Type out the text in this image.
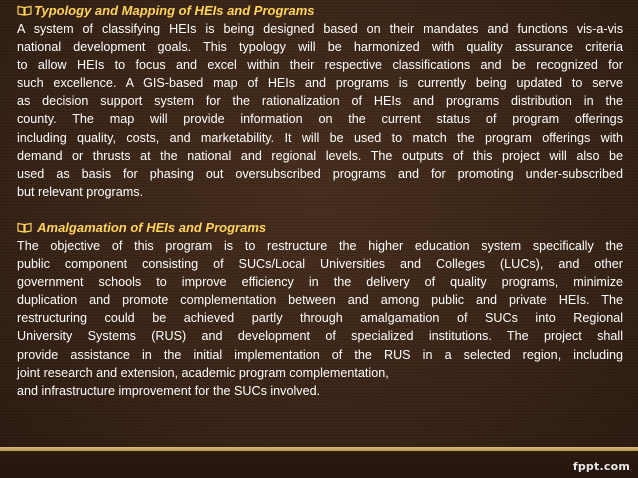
Typology and Mapping of HEIs and Programs

A system of classifying HEIs is being designed based on their mandates and functions vis-a-vis
national development goals. This typology will be harmonized with quality assurance criteria
to allow HEIs to focus and excel within their respective classifications and be recognized for
such excellence. A GIS-based map of HEIs and programs is currently being updated to serve
as decision support system for the rationalization of HEIs and programs distribution in the
county. The map will provide information on the current status of program offerings
including quality, costs, and marketability. It will be used to match the program offerings with
demand or thrusts at the national and regional levels. The outputs of this project will also be
used as basis for phasing out oversubscribed programs and for promoting under-subscribed
but relevant programs.

Amalgamation of HEIs and Programs

The objective of this program is to restructure the higher education system specifically the
public component consisting of SUCs/Local Universities and Colleges (LUCs), and other
government schools to improve efficiency in the delivery of quality programs, minimize
duplication and promote complementation between and among public and private HEIs. The
restructuring could be achieved partly through amalgamation of SUCs into Regional
University Systems (RUS) and development of specialized institutions. The project shall
provide assistance in the initial implementation of the RUS in a selected region, including
joint research and extension, academic program complementation,
and infrastructure improvement for the SUCs involved.

fppt.com
